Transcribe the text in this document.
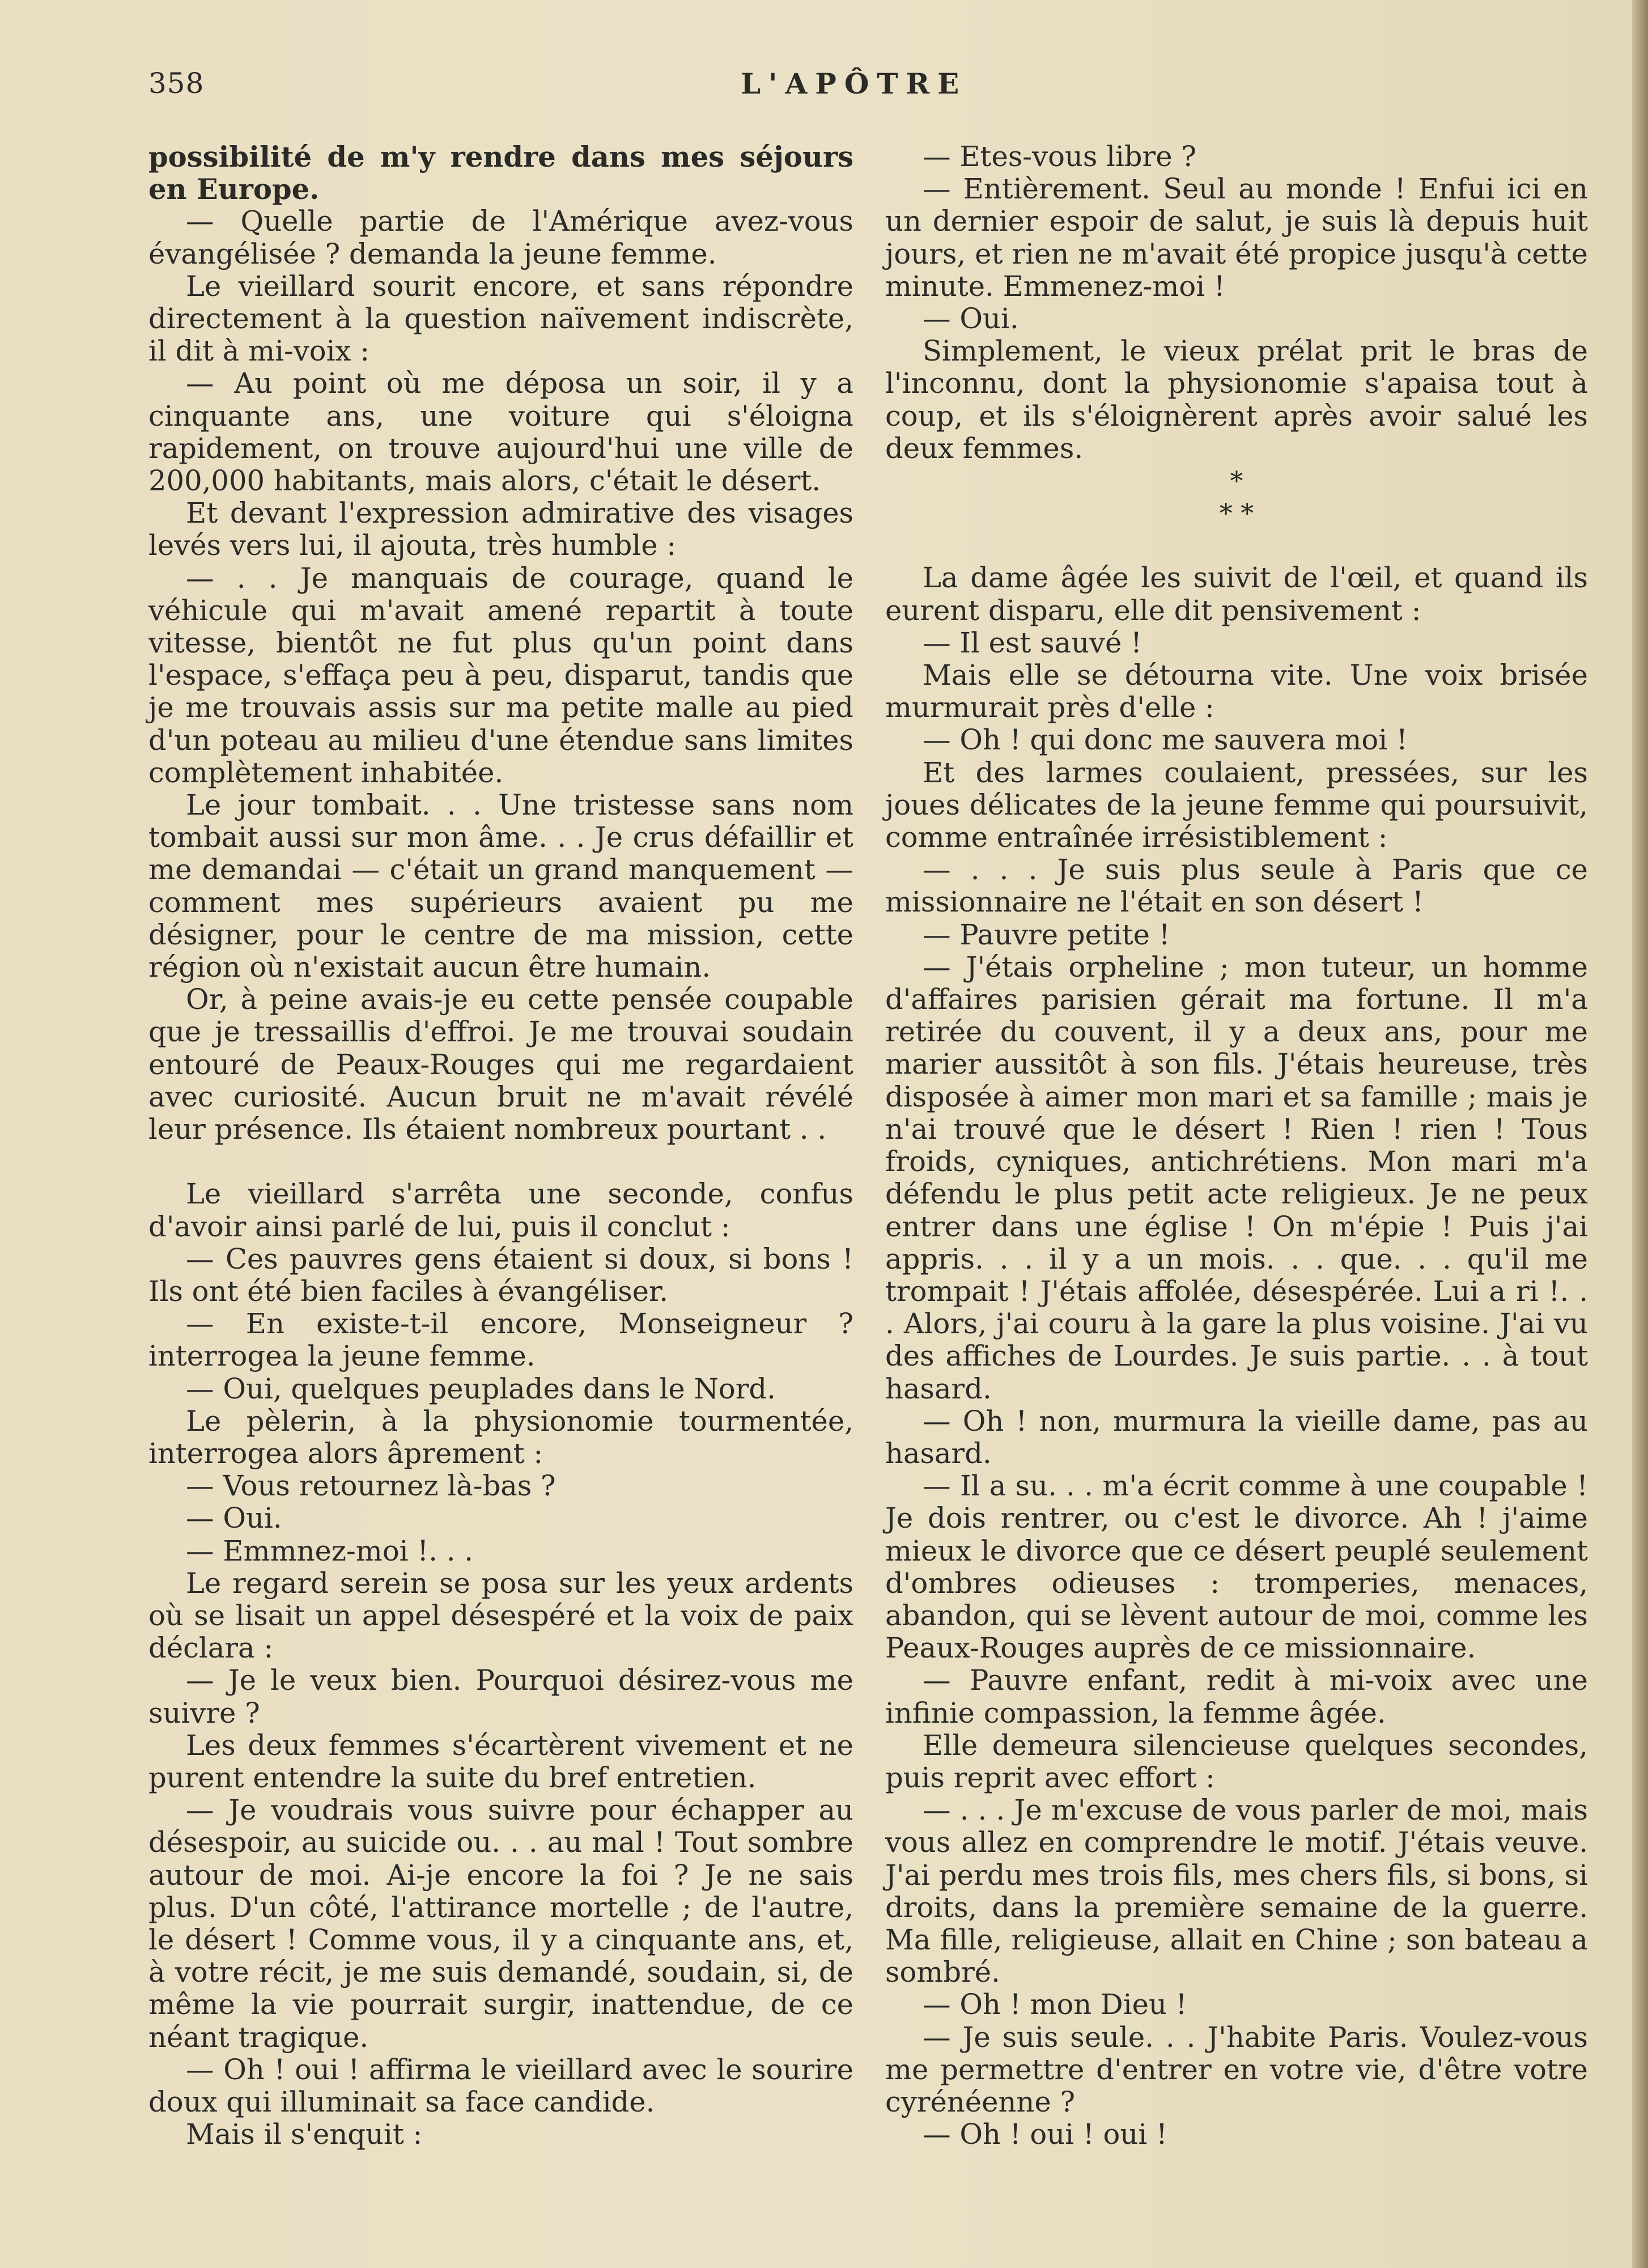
358	L'APÔTRE

possibilité de m'y rendre dans mes séjours en Europe.

— Quelle partie de l'Amérique avez-vous évangélisée ? demanda la jeune femme.

Le vieillard sourit encore, et sans répondre directement à la question naïvement indiscrète, il dit à mi-voix :

— Au point où me déposa un soir, il y a cinquante ans, une voiture qui s'éloigna rapidement, on trouve aujourd'hui une ville de 200,000 habitants, mais alors, c'était le désert.

Et devant l'expression admirative des visages levés vers lui, il ajouta, très humble :

— . . Je manquais de courage, quand le véhicule qui m'avait amené repartit à toute vitesse, bientôt ne fut plus qu'un point dans l'espace, s'effaça peu à peu, disparut, tandis que je me trouvais assis sur ma petite malle au pied d'un poteau au milieu d'une étendue sans limites complètement inhabitée.

Le jour tombait. . . Une tristesse sans nom tombait aussi sur mon âme. . . Je crus défaillir et me demandai — c'était un grand manquement — comment mes supérieurs avaient pu me désigner, pour le centre de ma mission, cette région où n'existait aucun être humain.

Or, à peine avais-je eu cette pensée coupable que je tressaillis d'effroi. Je me trouvai soudain entouré de Peaux-Rouges qui me regardaient avec curiosité. Aucun bruit ne m'avait révélé leur présence. Ils étaient nombreux pourtant . .

Le vieillard s'arrêta une seconde, confus d'avoir ainsi parlé de lui, puis il conclut :

— Ces pauvres gens étaient si doux, si bons ! Ils ont été bien faciles à évangéliser.

— En existe-t-il encore, Monseigneur ? interrogea la jeune femme.

— Oui, quelques peuplades dans le Nord.

Le pèlerin, à la physionomie tourmentée, interrogea alors âprement :

— Vous retournez là-bas ?

— Oui.

— Emmnez-moi !. . .

Le regard serein se posa sur les yeux ardents où se lisait un appel désespéré et la voix de paix déclara :

— Je le veux bien. Pourquoi désirez-vous me suivre ?

Les deux femmes s'écartèrent vivement et ne purent entendre la suite du bref entretien.

— Je voudrais vous suivre pour échapper au désespoir, au suicide ou. . . au mal ! Tout sombre autour de moi. Ai-je encore la foi ? Je ne sais plus. D'un côté, l'attirance mortelle ; de l'autre, le désert ! Comme vous, il y a cinquante ans, et, à votre récit, je me suis demandé, soudain, si, de même la vie pourrait surgir, inattendue, de ce néant tragique.

— Oh ! oui ! affirma le vieillard avec le sourire doux qui illuminait sa face candide.

Mais il s'enquit :

— Etes-vous libre ?

— Entièrement. Seul au monde ! Enfui ici en un dernier espoir de salut, je suis là depuis huit jours, et rien ne m'avait été propice jusqu'à cette minute. Emmenez-moi !

— Oui.

Simplement, le vieux prélat prit le bras de l'inconnu, dont la physionomie s'apaisa tout à coup, et ils s'éloignèrent après avoir salué les deux femmes.

*
* *

La dame âgée les suivit de l'œil, et quand ils eurent disparu, elle dit pensivement :

— Il est sauvé !

Mais elle se détourna vite. Une voix brisée murmurait près d'elle :

— Oh ! qui donc me sauvera moi !

Et des larmes coulaient, pressées, sur les joues délicates de la jeune femme qui poursuivit, comme entraînée irrésistiblement :

— . . . Je suis plus seule à Paris que ce missionnaire ne l'était en son désert !

— Pauvre petite !

— J'étais orpheline ; mon tuteur, un homme d'affaires parisien gérait ma fortune. Il m'a retirée du couvent, il y a deux ans, pour me marier aussitôt à son fils. J'étais heureuse, très disposée à aimer mon mari et sa famille ; mais je n'ai trouvé que le désert ! Rien ! rien ! Tous froids, cyniques, antichrétiens. Mon mari m'a défendu le plus petit acte religieux. Je ne peux entrer dans une église ! On m'épie ! Puis j'ai appris. . . il y a un mois. . . que. . . qu'il me trompait ! J'étais affolée, désespérée. Lui a ri !. . . Alors, j'ai couru à la gare la plus voisine. J'ai vu des affiches de Lourdes. Je suis partie. . . à tout hasard.

— Oh ! non, murmura la vieille dame, pas au hasard.

— Il a su. . . m'a écrit comme à une coupable ! Je dois rentrer, ou c'est le divorce. Ah ! j'aime mieux le divorce que ce désert peuplé seulement d'ombres odieuses : tromperies, menaces, abandon, qui se lèvent autour de moi, comme les Peaux-Rouges auprès de ce missionnaire.

— Pauvre enfant, redit à mi-voix avec une infinie compassion, la femme âgée.

Elle demeura silencieuse quelques secondes, puis reprit avec effort :

— . . . Je m'excuse de vous parler de moi, mais vous allez en comprendre le motif. J'étais veuve. J'ai perdu mes trois fils, mes chers fils, si bons, si droits, dans la première semaine de la guerre. Ma fille, religieuse, allait en Chine ; son bateau a sombré.

— Oh ! mon Dieu !

— Je suis seule. . . J'habite Paris. Voulez-vous me permettre d'entrer en votre vie, d'être votre cyrénéenne ?

— Oh ! oui ! oui !
